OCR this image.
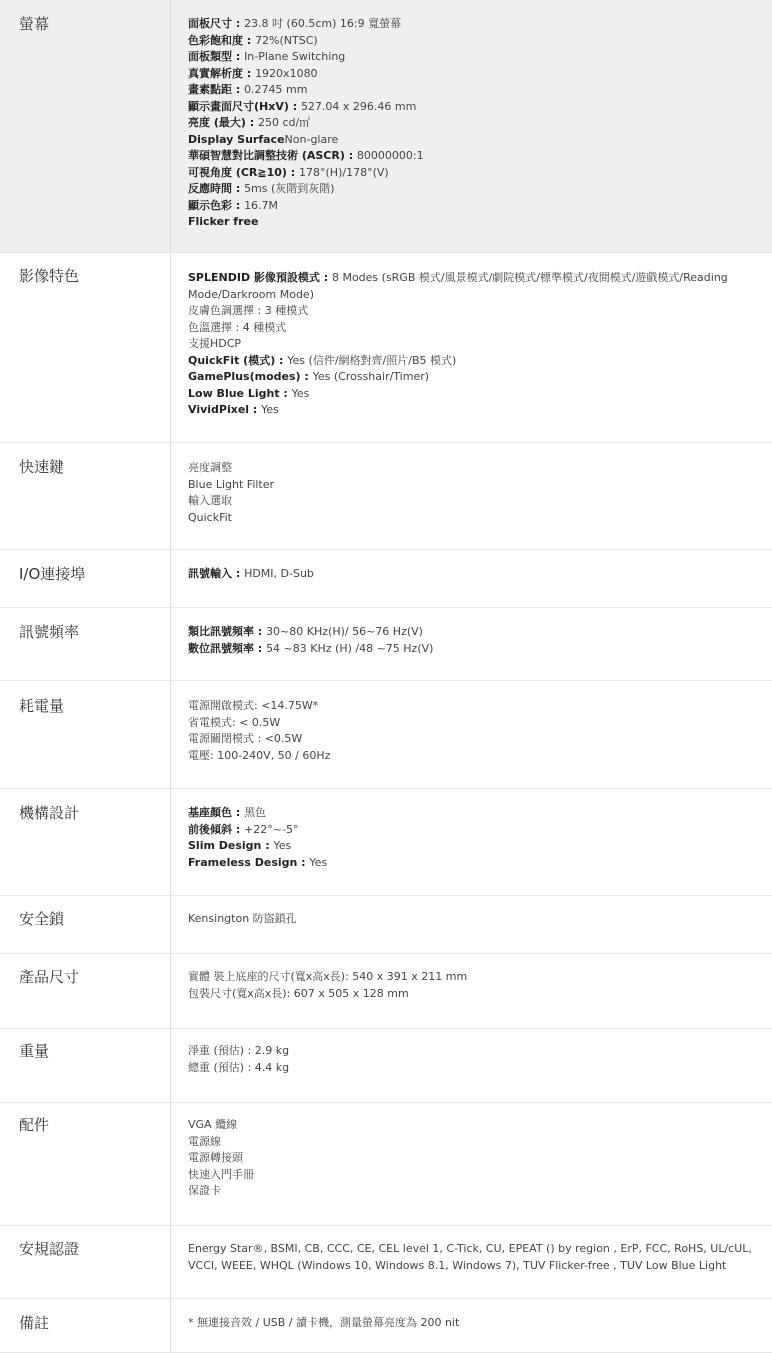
螢幕	面板尺寸 : 23.8 吋 (60.5cm) 16:9 寬螢幕
色彩飽和度 : 72%(NTSC)
面板類型 : In-Plane Switching
真實解析度 : 1920x1080
畫素點距 : 0.2745 mm
顯示畫面尺寸(HxV) : 527.04 x 296.46 mm
亮度 (最大) : 250 cd/㎡
Display SurfaceNon-glare
華碩智慧對比調整技術 (ASCR) : 80000000:1
可視角度 (CR≧10) : 178°(H)/178°(V)
反應時間 : 5ms (灰階到灰階)
顯示色彩 : 16.7M
Flicker free
影像特色	SPLENDID 影像預設模式 : 8 Modes (sRGB 模式/風景模式/劇院模式/標準模式/夜間模式/遊戲模式/Reading Mode/Darkroom Mode)
皮膚色調選擇 : 3 種模式
色溫選擇 : 4 種模式
支援HDCP
QuickFit (模式) : Yes (信件/網格對齊/照片/B5 模式)
GamePlus(modes) : Yes (Crosshair/Timer)
Low Blue Light : Yes
VividPixel : Yes
快速鍵	亮度調整
Blue Light Filter
輸入選取
QuickFit
I/O連接埠	訊號輸入 : HDMI, D-Sub
訊號頻率	類比訊號頻率 : 30~80 KHz(H)/ 56~76 Hz(V)
數位訊號頻率 : 54 ~83 KHz (H) /48 ~75 Hz(V)
耗電量	電源開啟模式: <14.75W*
省電模式: < 0.5W
電源關閉模式 : <0.5W
電壓: 100-240V, 50 / 60Hz
機構設計	基座顏色 : 黑色
前後傾斜 : +22°~-5°
Slim Design : Yes
Frameless Design : Yes
安全鎖	Kensington 防盜鎖孔
產品尺寸	實體 裝上底座的尺寸(寬x高x長): 540 x 391 x 211 mm
包裝尺寸(寬x高x長): 607 x 505 x 128 mm
重量	淨重 (預估) : 2.9 kg
總重 (預估) : 4.4 kg
配件	VGA 纜線
電源線
電源轉接頭
快速入門手冊
保證卡
安規認證	Energy Star®, BSMI, CB, CCC, CE, CEL level 1, C-Tick, CU, EPEAT () by region , ErP, FCC, RoHS, UL/cUL, VCCI, WEEE, WHQL (Windows 10, Windows 8.1, Windows 7), TUV Flicker-free , TUV Low Blue Light
備註	* 無連接音效 / USB / 讀卡機，測量螢幕亮度為 200 nit
